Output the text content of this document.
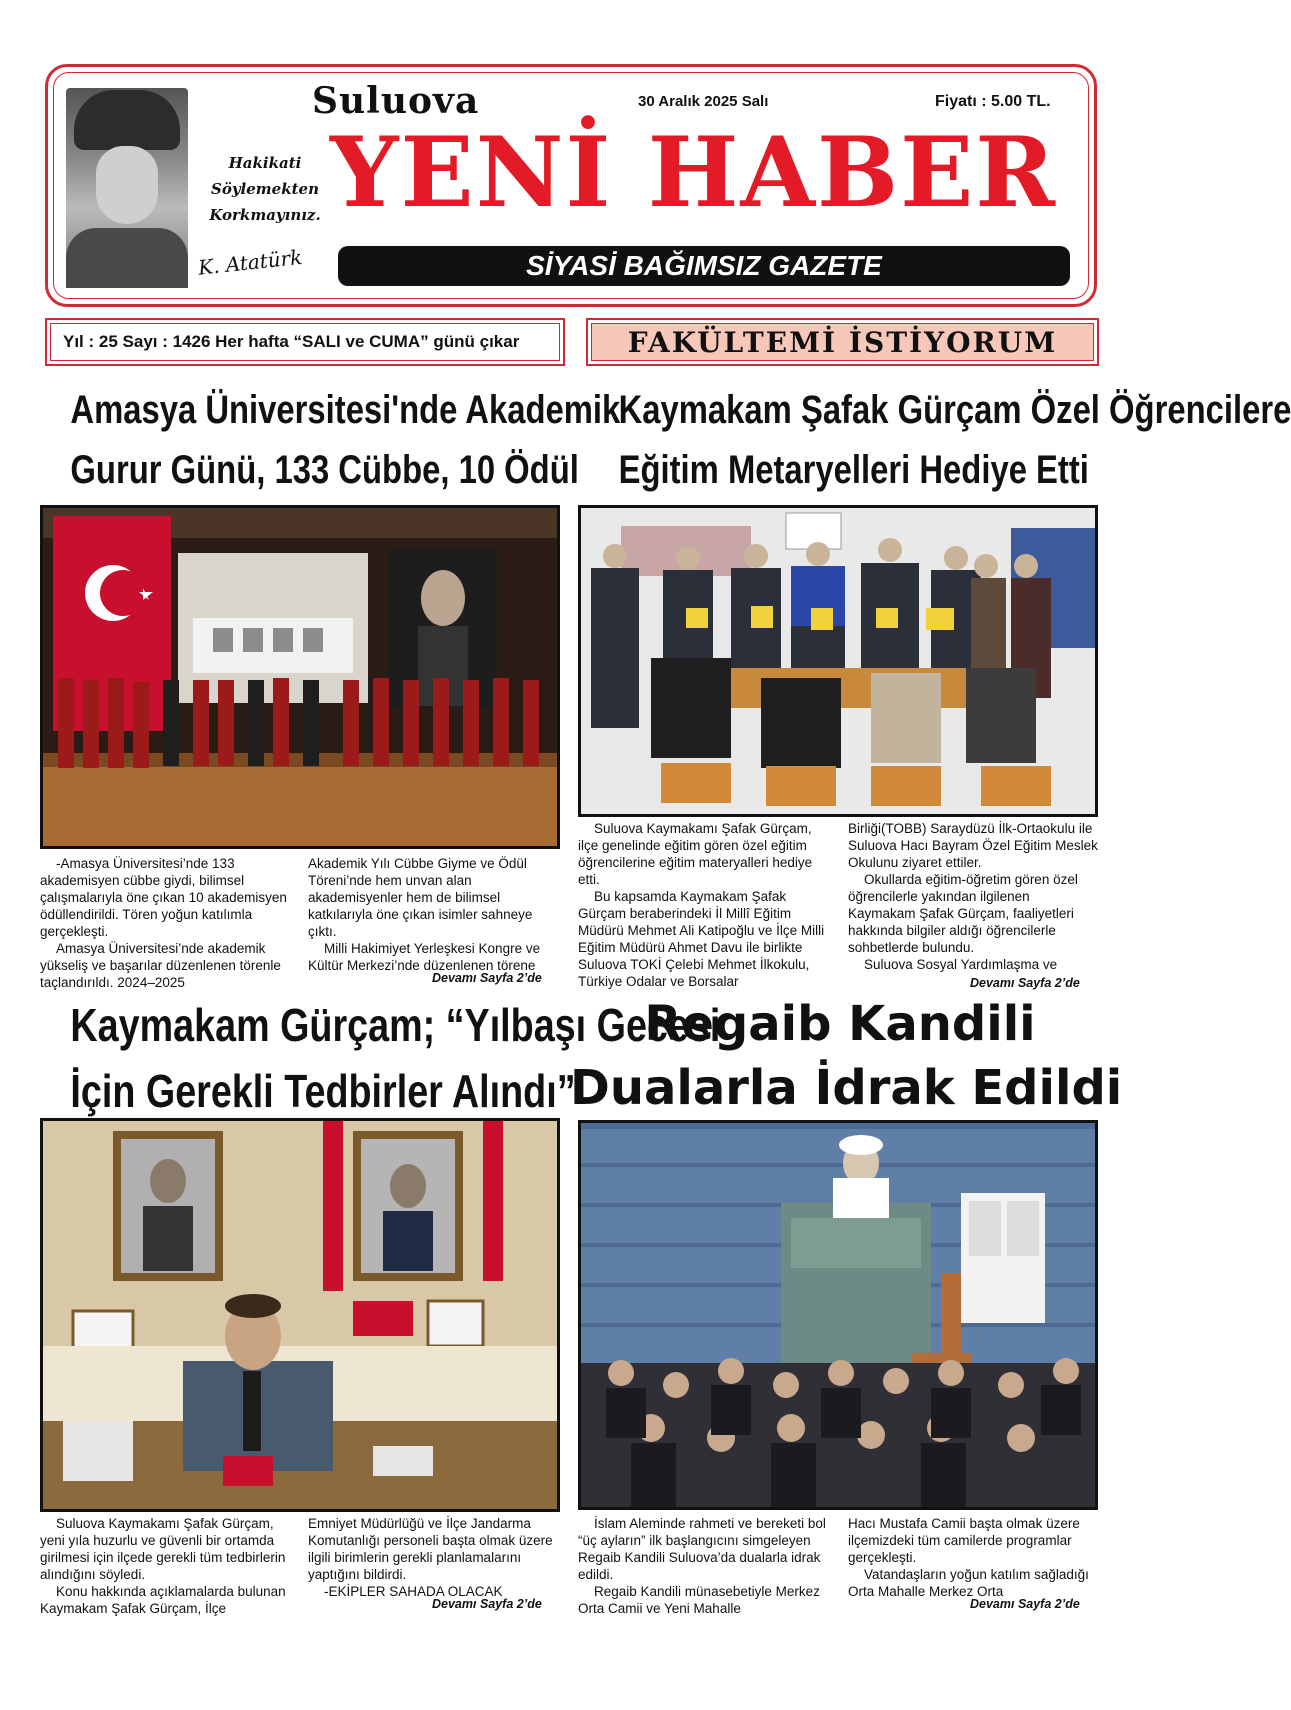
Hakikati
Söylemekten
Korkmayınız.
K. Atatürk
Suluova
YENİ HABER
30 Aralık 2025 Salı	Fiyatı : 5.00 TL.
SİYASİ BAĞIMSIZ GAZETE
Yıl : 25 Sayı : 1426 Her hafta “SALI ve CUMA” günü çıkar	FAKÜLTEMİ İSTİYORUM
Amasya Üniversitesi'nde Akademik
Gurur Günü, 133 Cübbe, 10 Ödül

-Amasya Üniversitesi’nde 133 akademisyen cübbe giydi, bilimsel çalışmalarıyla öne çıkan 10 akademisyen ödüllendirildi. Tören yoğun katılımla gerçekleşti.

Amasya Üniversitesi’nde akademik yükseliş ve başarılar düzenlenen törenle taçlandırıldı. 2024–2025

Akademik Yılı Cübbe Giyme ve Ödül Töreni’nde hem unvan alan akademisyenler hem de bilimsel katkılarıyla öne çıkan isimler sahneye çıktı.

Milli Hakimiyet Yerleşkesi Kongre ve Kültür Merkezi’nde düzenlenen törene

Devamı Sayfa 2’de
Kaymakam Şafak Gürçam Özel Öğrencilere
Eğitim Metaryelleri Hediye Etti

Suluova Kaymakamı Şafak Gürçam, ilçe genelinde eğitim gören özel eğitim öğrencilerine eğitim materyalleri hediye etti.

Bu kapsamda Kaymakam Şafak Gürçam beraberindeki İl Millî Eğitim Müdürü Mehmet Ali Katipoğlu ve İlçe Milli Eğitim Müdürü Ahmet Davu ile birlikte Suluova TOKİ Çelebi Mehmet İlkokulu, Türkiye Odalar ve Borsalar

Birliği(TOBB) Saraydüzü İlk-Ortaokulu ile Suluova Hacı Bayram Özel Eğitim Meslek Okulunu ziyaret ettiler.

Okullarda eğitim-öğretim gören özel öğrencilerle yakından ilgilenen Kaymakam Şafak Gürçam, faaliyetleri hakkında bilgiler aldığı öğrencilerle sohbetlerde bulundu.

Suluova Sosyal Yardımlaşma ve

Devamı Sayfa 2’de
Kaymakam Gürçam; “Yılbaşı Gecesi
İçin Gerekli Tedbirler Alındı”

Suluova Kaymakamı Şafak Gürçam, yeni yıla huzurlu ve güvenli bir ortamda girilmesi için ilçede gerekli tüm tedbirlerin alındığını söyledi.

Konu hakkında açıklamalarda bulunan Kaymakam Şafak Gürçam, İlçe

Emniyet Müdürlüğü ve İlçe Jandarma Komutanlığı personeli başta olmak üzere ilgili birimlerin gerekli planlamalarını yaptığını bildirdi.

-EKİPLER SAHADA OLACAK

Devamı Sayfa 2’de
Regaib Kandili
Dualarla İdrak Edildi

İslam Aleminde rahmeti ve bereketi bol “üç ayların” ilk başlangıcını simgeleyen Regaib Kandili Suluova’da dualarla idrak edildi.

Regaib Kandili münasebetiyle Merkez Orta Camii ve Yeni Mahalle

Hacı Mustafa Camii başta olmak üzere ilçemizdeki tüm camilerde programlar gerçekleşti.

Vatandaşların yoğun katılım sağladığı Orta Mahalle Merkez Orta

Devamı Sayfa 2’de
